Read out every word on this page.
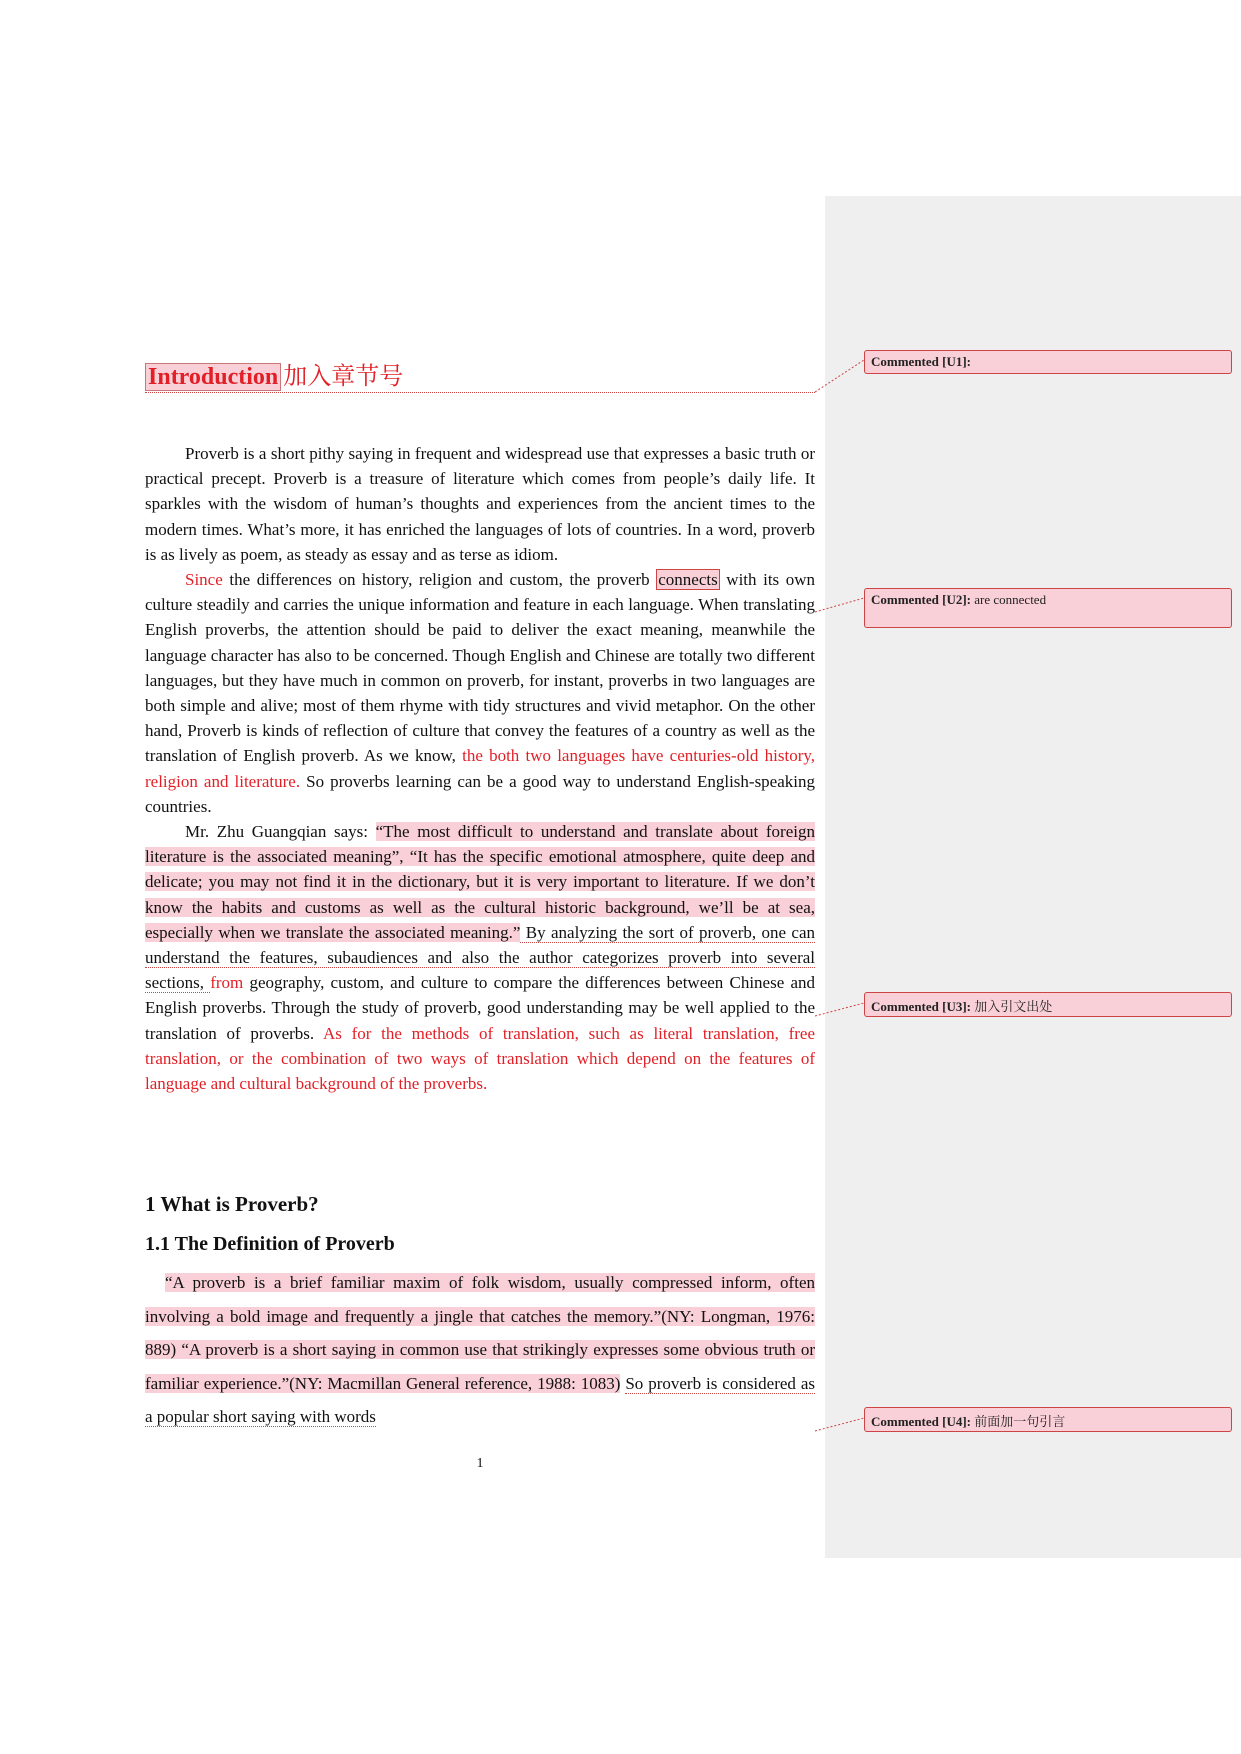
Introduction 加入章节号

Proverb is a short pithy saying in frequent and widespread use that expresses a basic truth or practical precept. Proverb is a treasure of literature which comes from people’s daily life. It sparkles with the wisdom of human’s thoughts and experiences from the ancient times to the modern times. What’s more, it has enriched the languages of lots of countries. In a word, proverb is as lively as poem, as steady as essay and as terse as idiom.

Since the differences on history, religion and custom, the proverb connects with its own culture steadily and carries the unique information and feature in each language. When translating English proverbs, the attention should be paid to deliver the exact meaning, meanwhile the language character has also to be concerned. Though English and Chinese are totally two different languages, but they have much in common on proverb, for instant, proverbs in two languages are both simple and alive; most of them rhyme with tidy structures and vivid metaphor. On the other hand, Proverb is kinds of reflection of culture that convey the features of a country as well as the translation of English proverb. As we know, the both two languages have centuries-old history, religion and literature. So proverbs learning can be a good way to understand English-speaking countries.

Mr. Zhu Guangqian says: “The most difficult to understand and translate about foreign literature is the associated meaning”, “It has the specific emotional atmosphere, quite deep and delicate; you may not find it in the dictionary, but it is very important to literature. If we don’t know the habits and customs as well as the cultural historic background, we’ll be at sea, especially when we translate the associated meaning.” By analyzing the sort of proverb, one can understand the features, subaudiences and also the author categorizes proverb into several sections, from geography, custom, and culture to compare the differences between Chinese and English proverbs. Through the study of proverb, good understanding may be well applied to the translation of proverbs. As for the methods of translation, such as literal translation, free translation, or the combination of two ways of translation which depend on the features of language and cultural background of the proverbs.

1 What is Proverb?
1.1 The Definition of Proverb

“A proverb is a brief familiar maxim of folk wisdom, usually compressed inform, often involving a bold image and frequently a jingle that catches the memory.”(NY: Longman, 1976: 889) “A proverb is a short saying in common use that strikingly expresses some obvious truth or familiar experience.”(NY: Macmillan General reference, 1988: 1083) So proverb is considered as a popular short saying with words

Commented [U1]:
Commented [U2]: are connected
Commented [U3]: 加入引文出处
Commented [U4]: 前面加一句引言
1
